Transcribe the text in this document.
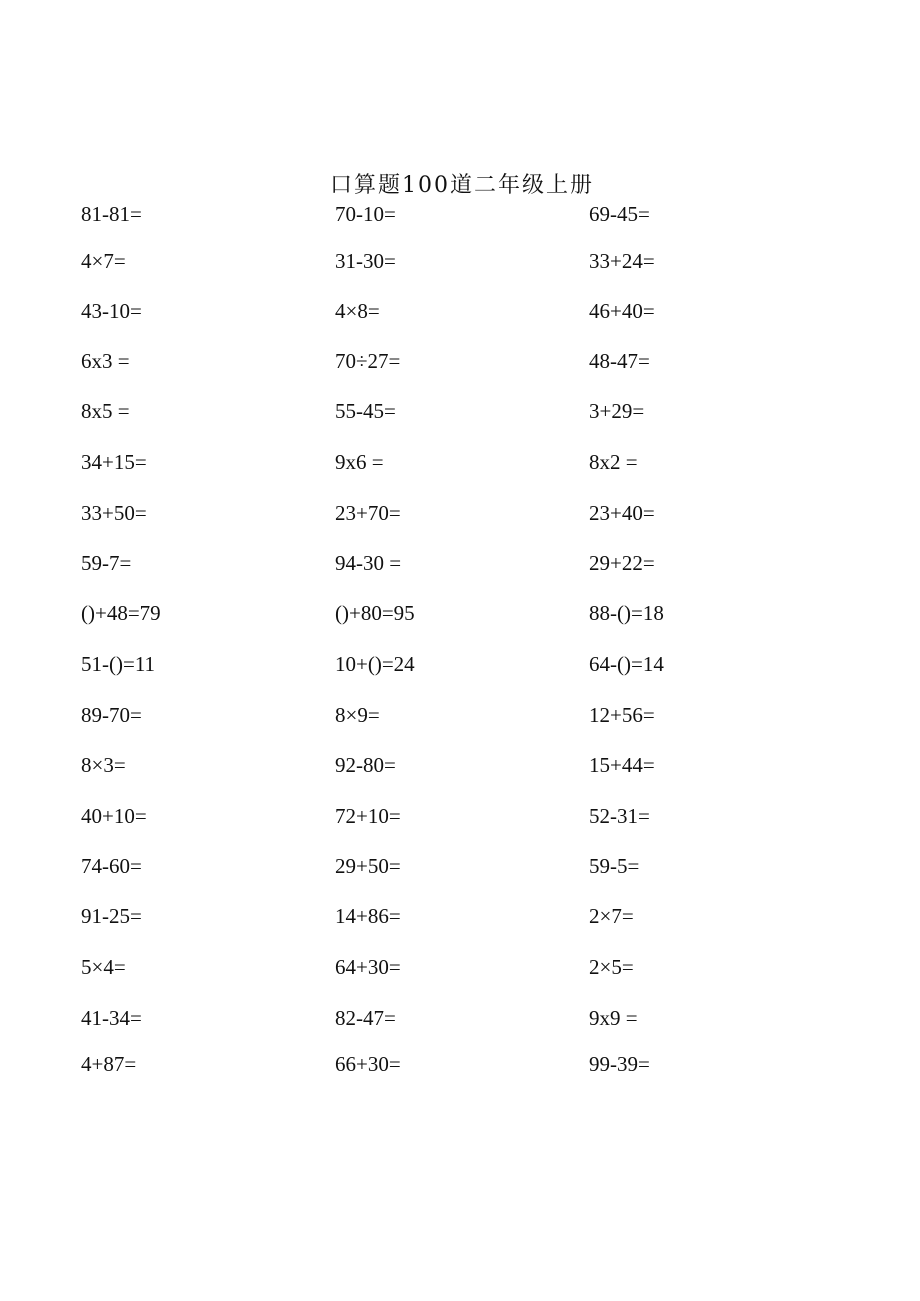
口算题100道二年级上册
81-81=
4×7=
43-10=
6x3 =
8x5 =
34+15=
33+50=
59-7=
()+48=79
51-()=11
89-70=
8×3=
40+10=
74-60=
91-25=
5×4=
41-34=
4+87=
70-10=
31-30=
4×8=
70÷27=
55-45=
9x6 =
23+70=
94-30 =
()+80=95
10+()=24
8×9=
92-80=
72+10=
29+50=
14+86=
64+30=
82-47=
66+30=
69-45=
33+24=
46+40=
48-47=
3+29=
8x2 =
23+40=
29+22=
88-()=18
64-()=14
12+56=
15+44=
52-31=
59-5=
2×7=
2×5=
9x9 =
99-39=
